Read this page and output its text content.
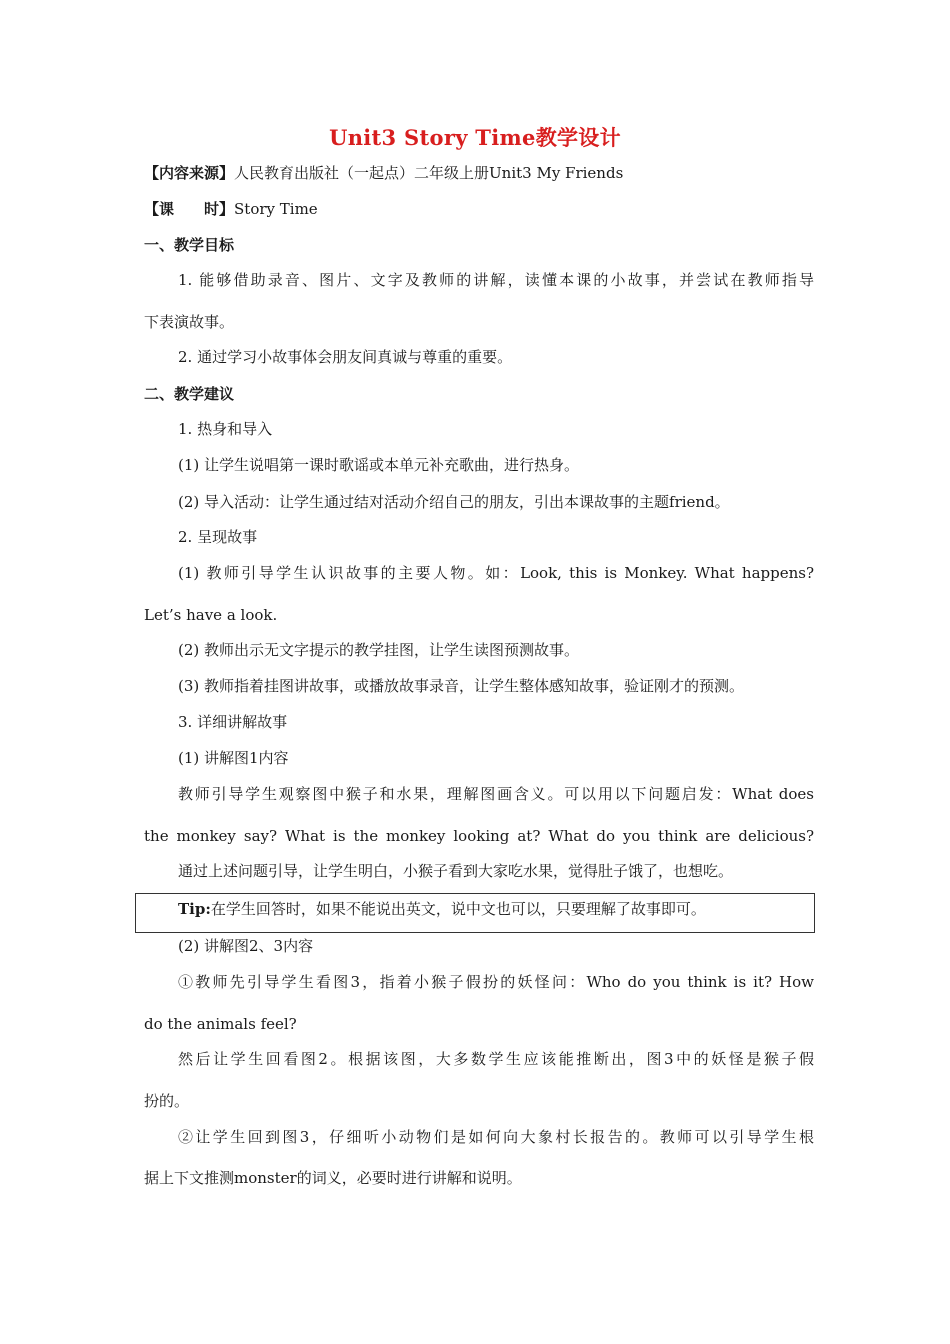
Unit3 Story Time教学设计
【内容来源】人民教育出版社（一起点）二年级上册Unit3 My Friends
【课　　时】Story Time
一、教学目标
1. 能够借助录音、图片、文字及教师的讲解，读懂本课的小故事，并尝试在教师指导
下表演故事。
2. 通过学习小故事体会朋友间真诚与尊重的重要。
二、教学建议
1. 热身和导入
(1) 让学生说唱第一课时歌谣或本单元补充歌曲，进行热身。
(2) 导入活动：让学生通过结对活动介绍自己的朋友，引出本课故事的主题friend。
2. 呈现故事
(1) 教师引导学生认识故事的主要人物。如：Look, this is Monkey. What happens?
Let’s have a look.
(2) 教师出示无文字提示的教学挂图，让学生读图预测故事。
(3) 教师指着挂图讲故事，或播放故事录音，让学生整体感知故事，验证刚才的预测。
3. 详细讲解故事
(1) 讲解图1内容
教师引导学生观察图中猴子和水果，理解图画含义。可以用以下问题启发：What does
the monkey say? What is the monkey looking at? What do you think are delicious?
通过上述问题引导，让学生明白，小猴子看到大家吃水果，觉得肚子饿了，也想吃。
Tip:在学生回答时，如果不能说出英文，说中文也可以，只要理解了故事即可。
(2) 讲解图2、3内容
①教师先引导学生看图3，指着小猴子假扮的妖怪问：Who do you think is it? How
do the animals feel?
然后让学生回看图2。根据该图，大多数学生应该能推断出，图3中的妖怪是猴子假
扮的。
②让学生回到图3，仔细听小动物们是如何向大象村长报告的。教师可以引导学生根
据上下文推测monster的词义，必要时进行讲解和说明。
